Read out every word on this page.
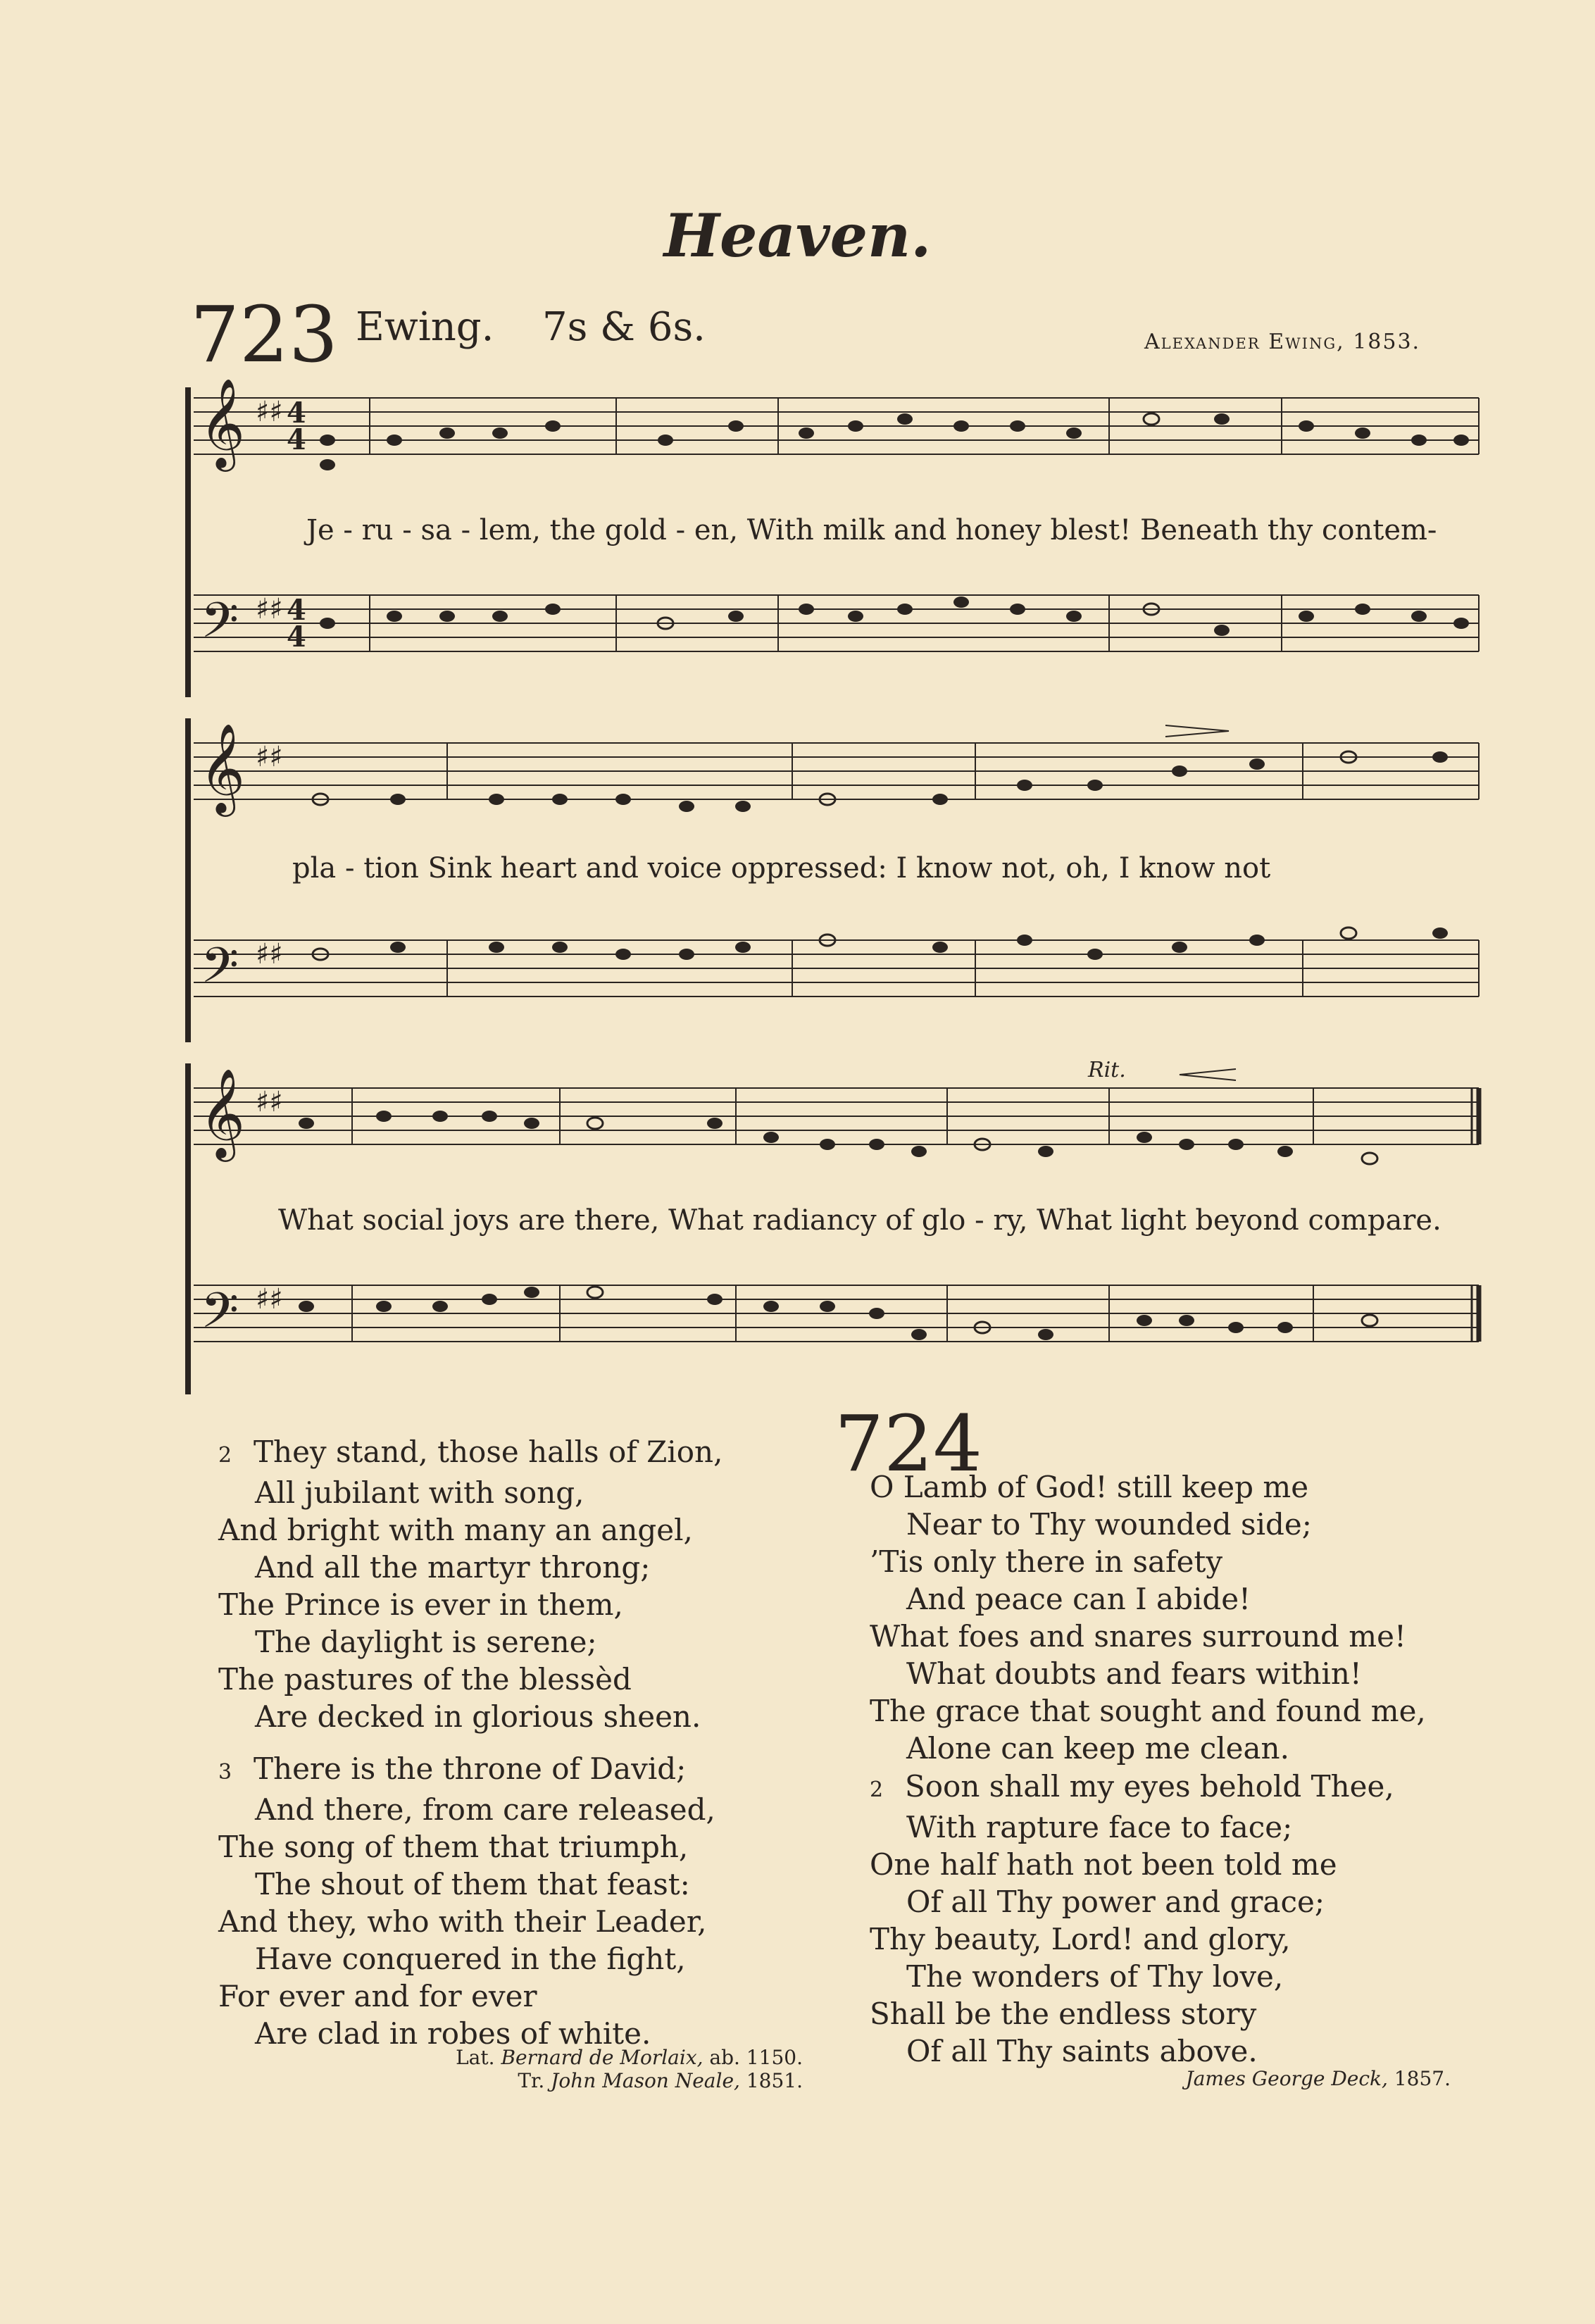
Heaven.
723 Ewing. 7s & 6s.	Alexander Ewing, 1853.
𝄞
𝄢
♯♯ 4
4
♯♯ 4
4
Je - ru - sa - lem, the gold - en, With milk and honey blest! Beneath thy contem-
𝄞
𝄢
♯♯
♯♯
pla - tion Sink heart and voice oppressed: I know not, oh, I know not
𝄞
𝄢
♯♯
♯♯
Rit.
What social joys are there, What radiancy of glo - ry, What light beyond compare.
2 They stand, those halls of Zion,
All jubilant with song,
And bright with many an angel,
And all the martyr throng;
The Prince is ever in them,
The daylight is serene;
The pastures of the blessèd
Are decked in glorious sheen.
3 There is the throne of David;
And there, from care released,
The song of them that triumph,
The shout of them that feast:
And they, who with their Leader,
Have conquered in the fight,
For ever and for ever
Are clad in robes of white.
Lat. Bernard de Morlaix, ab. 1150.
Tr. John Mason Neale, 1851.
724
O Lamb of God! still keep me
Near to Thy wounded side;
’Tis only there in safety
And peace can I abide!
What foes and snares surround me!
What doubts and fears within!
The grace that sought and found me,
Alone can keep me clean.
2 Soon shall my eyes behold Thee,
With rapture face to face;
One half hath not been told me
Of all Thy power and grace;
Thy beauty, Lord! and glory,
The wonders of Thy love,
Shall be the endless story
Of all Thy saints above.
James George Deck, 1857.
